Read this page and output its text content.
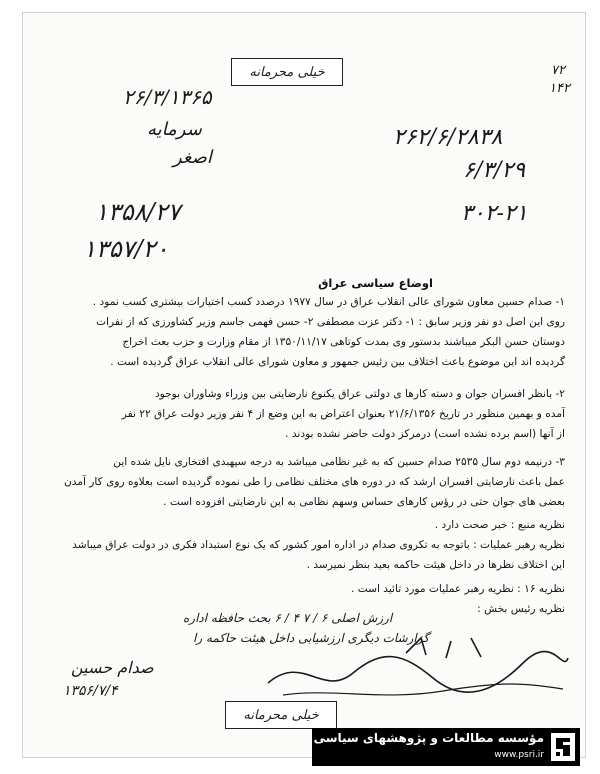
۷۲
۱۴۲
خیلی محرمانه
۲۶/۳/۱۳۶۵
سرمایه
اصغر
۱۳۵۸/۲۷
۱۳۵۷/۲۰
۲۶۲/۶/۲۸۳۸
۶/۳/۲۹
۳۰۲-۲۱
اوضاع سیاسی عراق
۱- صدام حسین معاون شورای عالی انقلاب عراق در سال ۱۹۷۷ درصدد کسب اختیارات بیشتری کسب نمود .
روی این اصل دو نفر وزیر سابق : ۱- دکتر عزت مصطفی ۲- حسن فهمی جاسم وزیر کشاورزی که از نفرات
دوستان حسن البکر میباشند بدستور وی بمدت کوتاهی ۱۳۵۰/۱۱/۱۷ از مقام وزارت و حزب بعث اخراج
گردیده اند این موضوع باعث اختلاف بین رئیس جمهور و معاون شورای عالی انقلاب عراق گردیده است .
۲- بانظر افسران جوان و دسته کارها ی دولتی عراق یکنوع نارضایتی بین وزراء وشاوران بوجود
آمده و بهمین منظور در تاریخ ۲۱/۶/۱۳۵۶ بعنوان اعتراض به این وضع از ۴ نفر وزیر دولت عراق ۲۲ نفر
از آنها (اسم برده نشده است) درمرکز دولت حاضر نشده بودند .
۳- درنیمه دوم سال ۲۵۳۵ صدام حسین که به غیر نظامی میباشد به درجه سپهبدی افتخاری نایل شده این
عمل باعث نارضایتی افسران ارشد که در دوره های مختلف نظامی را طی نموده گردیده است بعلاوه روی کار آمدن
بعضی های جوان حتی در رؤس کارهای حساس وسهم نظامی به این نارضایتی افزوده است .
نظریه منبع : خبر صحت دارد .
نظریه رهبر عملیات : باتوجه به تکروی صدام در اداره امور کشور که یک نوع استبداد فکری در دولت عراق میباشد
این اختلاف نظرها در داخل هیئت حاکمه بعید بنظر نمیرسد .
نظریه ۱۶ : نظریه رهبر عملیات مورد تائید است .
نظریه رئیس بخش :
ارزش اصلی ۶ / ۷ ۴ / ۶ بحث حافظه اداره
گزارشات دیگری ارزشیابی داخل هیئت حاکمه را
صدام حسین
۱۳۵۶/۷/۴
خیلی محرمانه
مؤسسه مطالعات و پژوهشهای سیاسی
www.psri.ir
